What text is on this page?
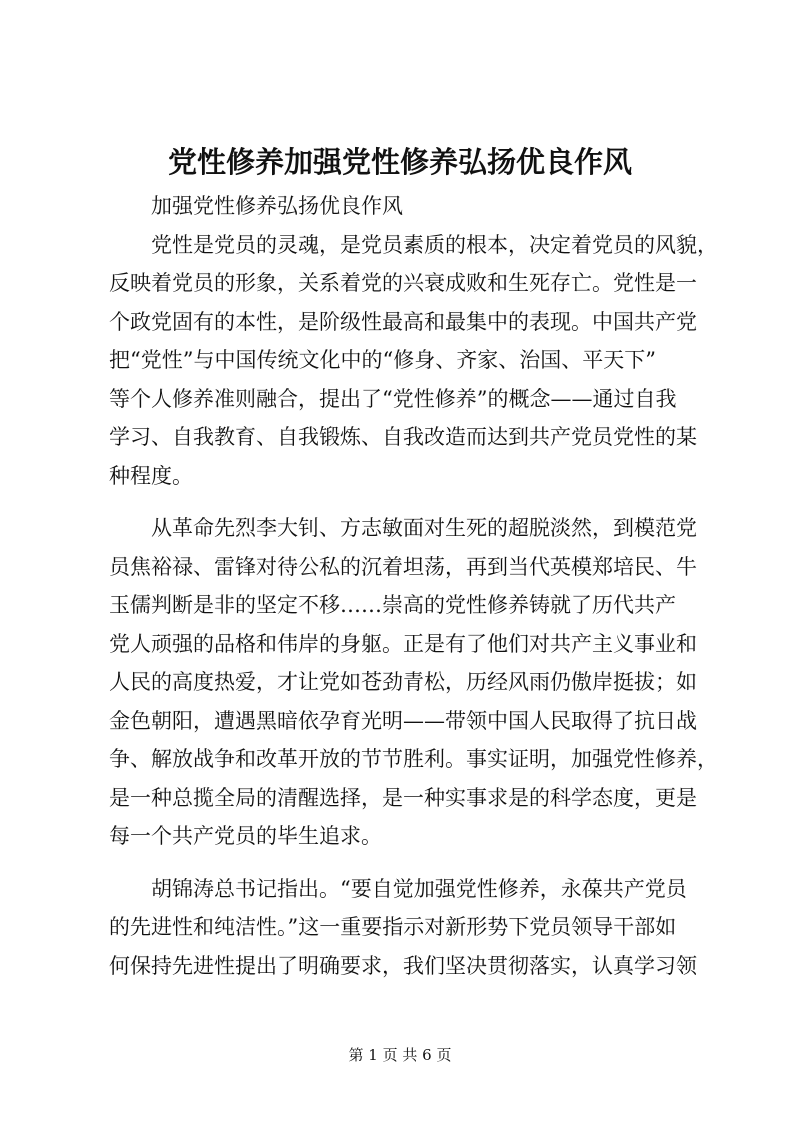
党性修养加强党性修养弘扬优良作风
加强党性修养弘扬优良作风
党性是党员的灵魂，是党员素质的根本，决定着党员的风貌，
反映着党员的形象，关系着党的兴衰成败和生死存亡。党性是一
个政党固有的本性，是阶级性最高和最集中的表现。中国共产党
把“党性”与中国传统文化中的“修身、齐家、治国、平天下”
等个人修养准则融合，提出了“党性修养”的概念——通过自我
学习、自我教育、自我锻炼、自我改造而达到共产党员党性的某
种程度。
从革命先烈李大钊、方志敏面对生死的超脱淡然，到模范党
员焦裕禄、雷锋对待公私的沉着坦荡，再到当代英模郑培民、牛
玉儒判断是非的坚定不移……崇高的党性修养铸就了历代共产
党人顽强的品格和伟岸的身躯。正是有了他们对共产主义事业和
人民的高度热爱，才让党如苍劲青松，历经风雨仍傲岸挺拔；如
金色朝阳，遭遇黑暗依孕育光明——带领中国人民取得了抗日战
争、解放战争和改革开放的节节胜利。事实证明，加强党性修养，
是一种总揽全局的清醒选择，是一种实事求是的科学态度，更是
每一个共产党员的毕生追求。
胡锦涛总书记指出。“要自觉加强党性修养，永葆共产党员
的先进性和纯洁性。”这一重要指示对新形势下党员领导干部如
何保持先进性提出了明确要求，我们坚决贯彻落实，认真学习领
第 1 页 共 6 页
